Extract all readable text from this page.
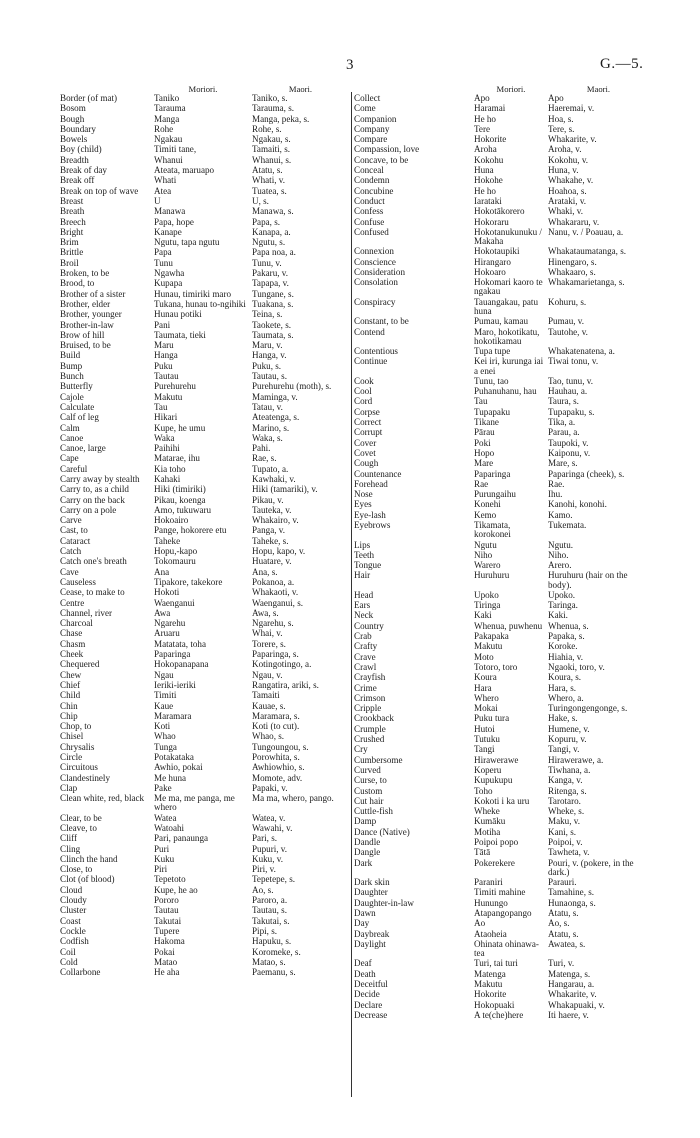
3	G.—5.
Moriori.	Maori.
Border (of mat)	Taniko	Taniko, s.
Bosom	Tarauma	Tarauma, s.
Bough	Manga	Manga, peka, s.
Boundary	Rohe	Rohe, s.
Bowels	Ngakau	Ngakau, s.
Boy (child)	Timiti tane,	Tamaiti, s.
Breadth	Whanui	Whanui, s.
Break of day	Ateata, maruapo	Atatu, s.
Break off	Whati	Whati, v.
Break on top of wave	Atea	Tuatea, s.
Breast	U	U, s.
Breath	Manawa	Manawa, s.
Breech	Papa, hope	Papa, s.
Bright	Kanape	Kanapa, a.
Brim	Ngutu, tapa ngutu	Ngutu, s.
Brittle	Papa	Papa noa, a.
Broil	Tunu	Tunu, v.
Broken, to be	Ngawha	Pakaru, v.
Brood, to	Kupapa	Tapapa, v.
Brother of a sister	Hunau, timiriki maro	Tungane, s.
Brother, elder	Tukana, hunau to-ngihiki	Tuakana, s.
Brother, younger	Hunau potiki	Teina, s.
Brother-in-law	Pani	Taokete, s.
Brow of hill	Taumata, tieki	Taumata, s.
Bruised, to be	Maru	Maru, v.
Build	Hanga	Hanga, v.
Bump	Puku	Puku, s.
Bunch	Tautau	Tautau, s.
Butterfly	Purehurehu	Purehurehu (moth), s.
Cajole	Makutu	Maminga, v.
Calculate	Tau	Tatau, v.
Calf of leg	Hikari	Ateatenga, s.
Calm	Kupe, he umu	Marino, s.
Canoe	Waka	Waka, s.
Canoe, large	Paihihi	Pahi.
Cape	Matarae, ihu	Rae, s.
Careful	Kia toho	Tupato, a.
Carry away by stealth	Kahaki	Kawhaki, v.
Carry to, as a child	Hiki (timiriki)	Hiki (tamariki), v.
Carry on the back	Pikau, koenga	Pikau, v.
Carry on a pole	Amo, tukuwaru	Tauteka, v.
Carve	Hokoairo	Whakairo, v.
Cast, to	Pange, hokorere etu	Panga, v.
Cataract	Taheke	Taheke, s.
Catch	Hopu,-kapo	Hopu, kapo, v.
Catch one's breath	Tokomauru	Huatare, v.
Cave	Ana	Ana, s.
Causeless	Tipakore, takekore	Pokanoa, a.
Cease, to make to	Hokoti	Whakaoti, v.
Centre	Waenganui	Waenganui, s.
Channel, river	Awa	Awa, s.
Charcoal	Ngarehu	Ngarehu, s.
Chase	Aruaru	Whai, v.
Chasm	Matatata, toha	Torere, s.
Cheek	Paparinga	Paparinga, s.
Chequered	Hokopanapana	Kotingotingo, a.
Chew	Ngau	Ngau, v.
Chief	Ieriki-ieriki	Rangatira, ariki, s.
Child	Timiti	Tamaiti
Chin	Kaue	Kauae, s.
Chip	Maramara	Maramara, s.
Chop, to	Koti	Koti (to cut).
Chisel	Whao	Whao, s.
Chrysalis	Tunga	Tungoungou, s.
Circle	Potakataka	Porowhita, s.
Circuitous	Awhio, pokai	Awhiowhio, s.
Clandestinely	Me huna	Momote, adv.
Clap	Pake	Papaki, v.
Clean white, red, black	Me ma, me panga, me whero	Ma ma, whero, pango.
Clear, to be	Watea	Watea, v.
Cleave, to	Watoahi	Wawahi, v.
Cliff	Pari, panaunga	Pari, s.
Cling	Puri	Pupuri, v.
Clinch the hand	Kuku	Kuku, v.
Close, to	Piri	Piri, v.
Clot (of blood)	Tepetoto	Tepetepe, s.
Cloud	Kupe, he ao	Ao, s.
Cloudy	Pororo	Paroro, a.
Cluster	Tautau	Tautau, s.
Coast	Takutai	Takutai, s.
Cockle	Tupere	Pipi, s.
Codfish	Hakoma	Hapuku, s.
Coil	Pokai	Koromeke, s.
Cold	Matao	Matao, s.
Collarbone	He aha	Paemanu, s.
Moriori.	Maori.
Collect	Apo	Apo
Come	Haramai	Haeremai, v.
Companion	He ho	Hoa, s.
Company	Tere	Tere, s.
Compare	Hokorite	Whakarite, v.
Compassion, love	Aroha	Aroha, v.
Concave, to be	Kokohu	Kokohu, v.
Conceal	Huna	Huna, v.
Condemn	Hokohe	Whakahe, v.
Concubine	He ho	Hoahoa, s.
Conduct	Iarataki	Arataki, v.
Confess	Hokotākorero	Whaki, v.
Confuse	Hokoraru	Whakararu, v.
Confused	Hokotanukunuku / Makaha	Nanu, v. / Poauau, a.
Connexion	Hokotaupiki	Whakataumatanga, s.
Conscience	Hirangaro	Hinengaro, s.
Consideration	Hokoaro	Whakaaro, s.
Consolation	Hokomari kaoro te ngakau	Whakamarietanga, s.
Conspiracy	Tauangakau, patu huna	Kohuru, s.
Constant, to be	Pumau, kamau	Pumau, v.
Contend	Maro, hokotikatu, hokotikamau	Tautohe, v.
Contentious	Tupa tupe	Whakatenatena, a.
Continue	Kei iri, kurunga iai a enei	Tiwai tonu, v.
Cook	Tunu, tao	Tao, tunu, v.
Cool	Puhanuhanu, hau	Hauhau, a.
Cord	Tau	Taura, s.
Corpse	Tupapaku	Tupapaku, s.
Correct	Tikane	Tika, a.
Corrupt	Pārau	Parau, a.
Cover	Poki	Taupoki, v.
Covet	Hopo	Kaiponu, v.
Cough	Mare	Mare, s.
Countenance	Paparinga	Paparinga (cheek), s.
Forehead	Rae	Rae.
Nose	Purungaihu	Ihu.
Eyes	Konehi	Kanohi, konohi.
Eye-lash	Kemo	Kamo.
Eyebrows	Tikamata, korokonei	Tukemata.
Lips	Ngutu	Ngutu.
Teeth	Niho	Niho.
Tongue	Warero	Arero.
Hair	Huruhuru	Huruhuru (hair on the body).
Head	Upoko	Upoko.
Ears	Tiringa	Taringa.
Neck	Kaki	Kaki.
Country	Whenua, puwhenu	Whenua, s.
Crab	Pakapaka	Papaka, s.
Crafty	Makutu	Koroke.
Crave	Moto	Hiahia, v.
Crawl	Totoro, toro	Ngaoki, toro, v.
Crayfish	Koura	Koura, s.
Crime	Hara	Hara, s.
Crimson	Whero	Whero, a.
Cripple	Mokai	Turingongengonge, s.
Crookback	Puku tura	Hake, s.
Crumple	Hutoi	Humene, v.
Crushed	Tutuku	Kopuru, v.
Cry	Tangi	Tangi, v.
Cumbersome	Hirawerawe	Hirawerawe, a.
Curved	Koperu	Tiwhana, a.
Curse, to	Kupukupu	Kanga, v.
Custom	Toho	Ritenga, s.
Cut hair	Kokoti i ka uru	Tarotaro.
Cuttle-fish	Wheke	Wheke, s.
Damp	Kumāku	Maku, v.
Dance (Native)	Motiha	Kani, s.
Dandle	Poipoi popo	Poipoi, v.
Dangle	Tātā	Tawheta, v.
Dark	Pokerekere	Pouri, v. (pokere, in the dark.)
Dark skin	Paraniri	Parauri.
Daughter	Timiti mahine	Tamahine, s.
Daughter-in-law	Hunungo	Hunaonga, s.
Dawn	Atapangopango	Atatu, s.
Day	Ao	Ao, s.
Daybreak	Ataoheia	Atatu, s.
Daylight	Ohinata ohinawa-tea	Awatea, s.
Deaf	Turi, tai turi	Turi, v.
Death	Matenga	Matenga, s.
Deceitful	Makutu	Hangarau, a.
Decide	Hokorite	Whakarite, v.
Declare	Hokopuaki	Whakapuaki, v.
Decrease	A te(che)here	Iti haere, v.
